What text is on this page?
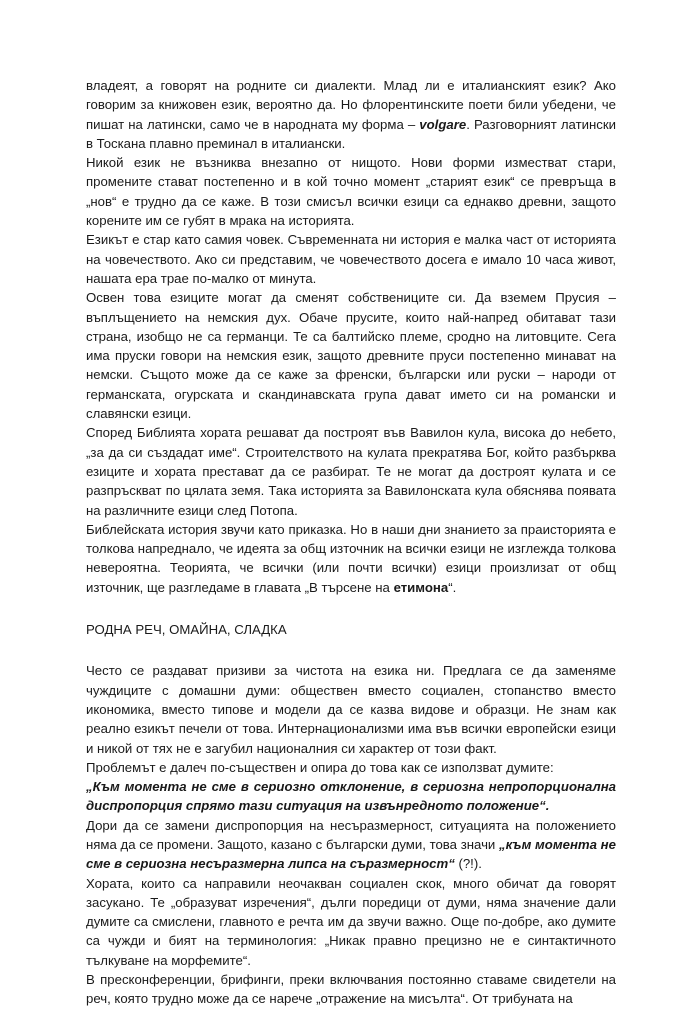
владеят, а говорят на родните си диалекти. Млад ли е италианският език? Ако говорим за книжовен език, вероятно да. Но флорентинските поети били убедени, че пишат на латински, само че в народната му форма – volgare. Разговорният латински в Тоскана плавно преминал в италиански.

Никой език не възниква внезапно от нищото. Нови форми изместват стари, промените стават постепенно и в кой точно момент „старият език“ се превръща в „нов“ е трудно да се каже. В този смисъл всички езици са еднакво древни, защото корените им се губят в мрака на историята.

Езикът е стар като самия човек. Съвременната ни история е малка част от историята на човечеството. Ако си представим, че човечеството досега е имало 10 часа живот, нашата ера трае по-малко от минута.

Освен това езиците могат да сменят собствениците си. Да вземем Прусия – въплъщението на немския дух. Обаче прусите, които най-напред обитават тази страна, изобщо не са германци. Те са балтийско племе, сродно на литовците. Сега има пруски говори на немския език, защото древните пруси постепенно минават на немски. Същото може да се каже за френски, български или руски – народи от германската, огурската и скандинавската група дават името си на романски и славянски езици.

Според Библията хората решават да построят във Вавилон кула, висока до небето, „за да си създадат име“. Строителството на кулата прекратява Бог, който разбърква езиците и хората престават да се разбират. Те не могат да достроят кулата и се разпръскват по цялата земя. Така историята за Вавилонската кула обяснява появата на различните езици след Потопа.

Библейската история звучи като приказка. Но в наши дни знанието за праисторията е толкова напреднало, че идеята за общ източник на всички езици не изглежда толкова невероятна. Теорията, че всички (или почти всички) езици произлизат от общ източник, ще разгледаме в главата „В търсене на етимона“.

РОДНА РЕЧ, ОМАЙНА, СЛАДКА

Често се раздават призиви за чистота на езика ни. Предлага се да заменяме чуждиците с домашни думи: обществен вместо социален, стопанство вместо икономика, вместо типове и модели да се казва видове и образци. Не знам как реално езикът печели от това. Интернационализми има във всички европейски езици и никой от тях не е загубил националния си характер от този факт.

Проблемът е далеч по-съществен и опира до това как се използват думите:

„Към момента не сме в сериозно отклонение, в сериозна непропорционална диспропорция спрямо тази ситуация на извънредното положение“.

Дори да се замени диспропорция на несъразмерност, ситуацията на положението няма да се промени. Защото, казано с български думи, това значи „към момента не сме в сериозна несъразмерна липса на съразмерност“ (?!).

Хората, които са направили неочакван социален скок, много обичат да говорят засукано. Те „образуват изречения“, дълги поредици от думи, няма значение дали думите са смислени, главното е речта им да звучи важно. Още по-добре, ако думите са чужди и бият на терминология: „Никак правно прецизно не е синтактичното тълкуване на морфемите“.

В пресконференции, брифинги, преки включвания постоянно ставаме свидетели на реч, която трудно може да се нарече „отражение на мисълта“. От трибуната на
